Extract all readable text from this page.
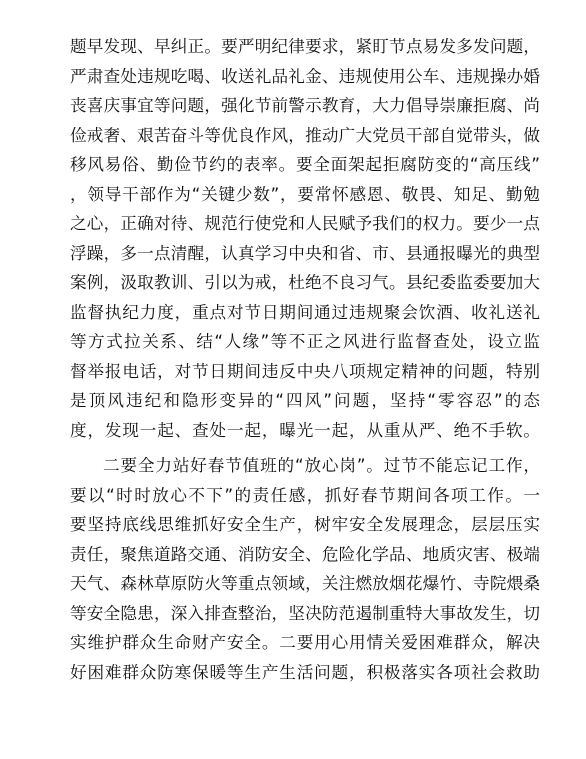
题早发现、早纠正。要严明纪律要求，紧盯节点易发多发问题，
严肃查处违规吃喝、收送礼品礼金、违规使用公车、违规操办婚
丧喜庆事宜等问题，强化节前警示教育，大力倡导崇廉拒腐、尚
俭戒奢、艰苦奋斗等优良作风，推动广大党员干部自觉带头，做
移风易俗、勤俭节约的表率。要全面架起拒腐防变的“高压线”
，领导干部作为“关键少数”，要常怀感恩、敬畏、知足、勤勉
之心，正确对待、规范行使党和人民赋予我们的权力。要少一点
浮躁，多一点清醒，认真学习中央和省、市、县通报曝光的典型
案例，汲取教训、引以为戒，杜绝不良习气。县纪委监委要加大
监督执纪力度，重点对节日期间通过违规聚会饮酒、收礼送礼
等方式拉关系、结“人缘”等不正之风进行监督查处，设立监
督举报电话，对节日期间违反中央八项规定精神的问题，特别
是顶风违纪和隐形变异的“四风”问题，坚持“零容忍”的态
度，发现一起、查处一起，曝光一起，从重从严、绝不手软。
二要全力站好春节值班的“放心岗”。过节不能忘记工作，
要以“时时放心不下”的责任感，抓好春节期间各项工作。一
要坚持底线思维抓好安全生产，树牢安全发展理念，层层压实
责任，聚焦道路交通、消防安全、危险化学品、地质灾害、极端
天气、森林草原防火等重点领域，关注燃放烟花爆竹、寺院煨桑
等安全隐患，深入排查整治，坚决防范遏制重特大事故发生，切
实维护群众生命财产安全。二要用心用情关爱困难群众，解决
好困难群众防寒保暖等生产生活问题，积极落实各项社会救助
